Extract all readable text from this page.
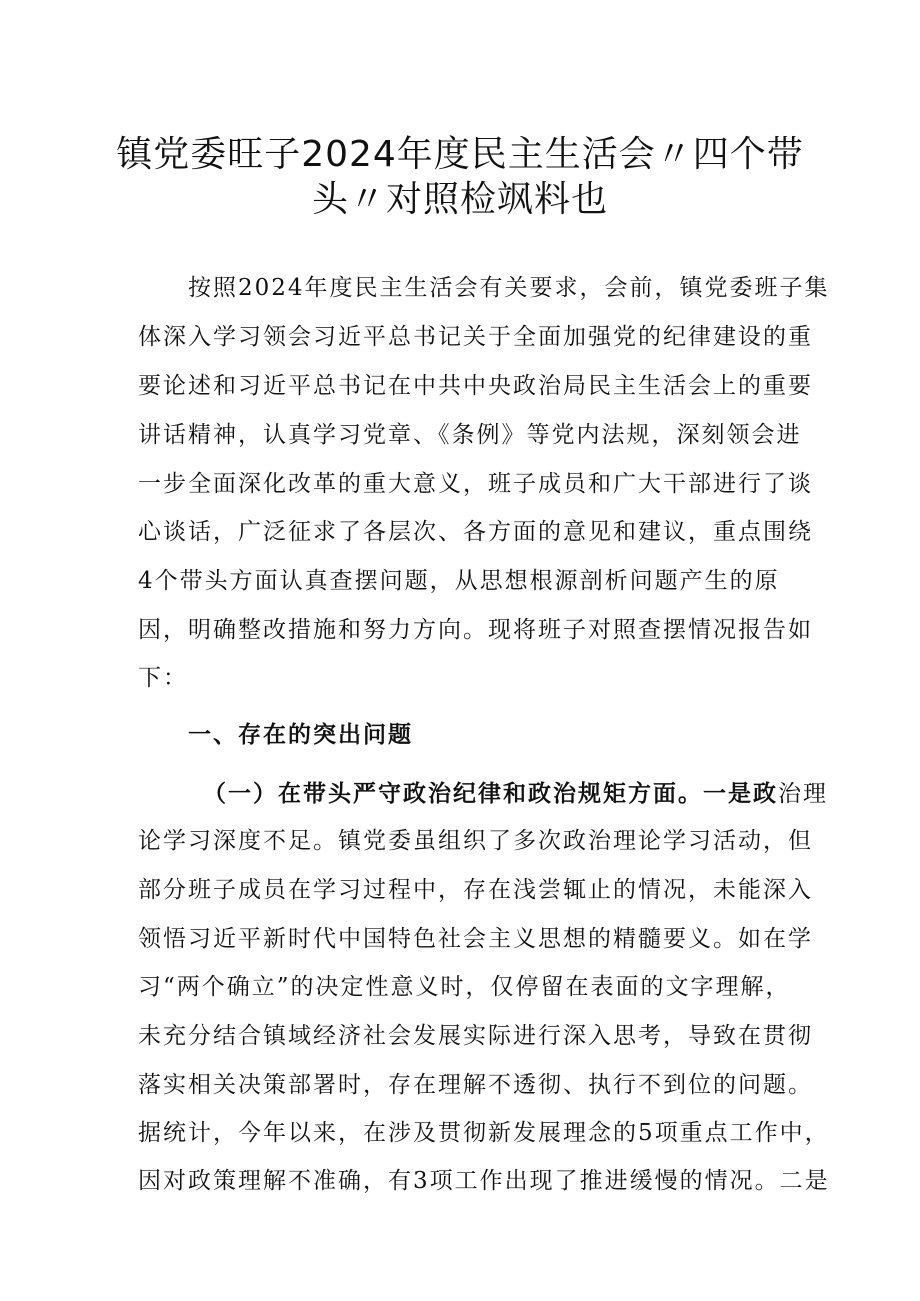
镇党委旺子2024年度民主生活会〃四个带
头〃对照检飒料也
按照2024年度民主生活会有关要求，会前，镇党委班子集
体深入学习领会习近平总书记关于全面加强党的纪律建设的重
要论述和习近平总书记在中共中央政治局民主生活会上的重要
讲话精神，认真学习党章、《条例》等党内法规，深刻领会进
一步全面深化改革的重大意义，班子成员和广大干部进行了谈
心谈话，广泛征求了各层次、各方面的意见和建议，重点围绕
4个带头方面认真查摆问题，从思想根源剖析问题产生的原
因，明确整改措施和努力方向。现将班子对照查摆情况报告如
下：
一、存在的突出问题
（一）在带头严守政治纪律和政治规矩方面。一是政治理
论学习深度不足。镇党委虽组织了多次政治理论学习活动，但
部分班子成员在学习过程中，存在浅尝辄止的情况，未能深入
领悟习近平新时代中国特色社会主义思想的精髓要义。如在学
习“两个确立”的决定性意义时，仅停留在表面的文字理解，
未充分结合镇域经济社会发展实际进行深入思考，导致在贯彻
落实相关决策部署时，存在理解不透彻、执行不到位的问题。
据统计，今年以来，在涉及贯彻新发展理念的5项重点工作中，
因对政策理解不准确，有3项工作出现了推进缓慢的情况。二是
